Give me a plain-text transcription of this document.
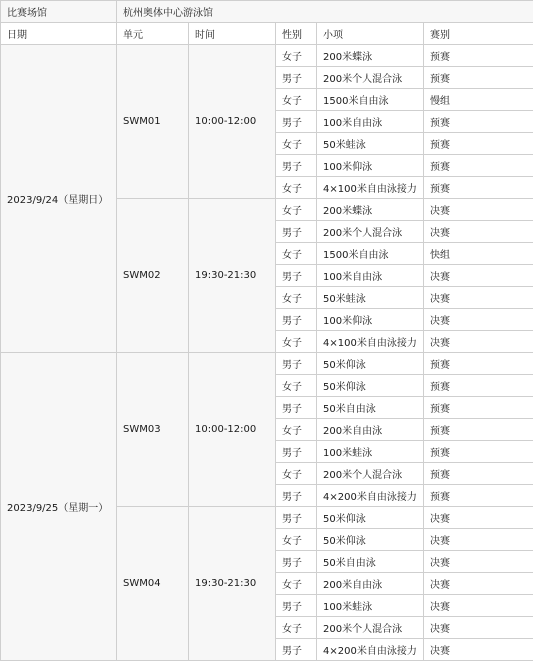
比赛场馆	杭州奥体中心游泳馆				
日期	单元	时间	性别	小项	赛别
2023/9/24（星期日）	SWM01	10:00-12:00	女子	200米蝶泳	预赛
			男子	200米个人混合泳	预赛
			女子	1500米自由泳	慢组
			男子	100米自由泳	预赛
			女子	50米蛙泳	预赛
			男子	100米仰泳	预赛
			女子	4×100米自由泳接力	预赛
	SWM02	19:30-21:30	女子	200米蝶泳	决赛
			男子	200米个人混合泳	决赛
			女子	1500米自由泳	快组
			男子	100米自由泳	决赛
			女子	50米蛙泳	决赛
			男子	100米仰泳	决赛
			女子	4×100米自由泳接力	决赛
2023/9/25（星期一）	SWM03	10:00-12:00	男子	50米仰泳	预赛
			女子	50米仰泳	预赛
			男子	50米自由泳	预赛
			女子	200米自由泳	预赛
			男子	100米蛙泳	预赛
			女子	200米个人混合泳	预赛
			男子	4×200米自由泳接力	预赛
	SWM04	19:30-21:30	男子	50米仰泳	决赛
			女子	50米仰泳	决赛
			男子	50米自由泳	决赛
			女子	200米自由泳	决赛
			男子	100米蛙泳	决赛
			女子	200米个人混合泳	决赛
			男子	4×200米自由泳接力	决赛
